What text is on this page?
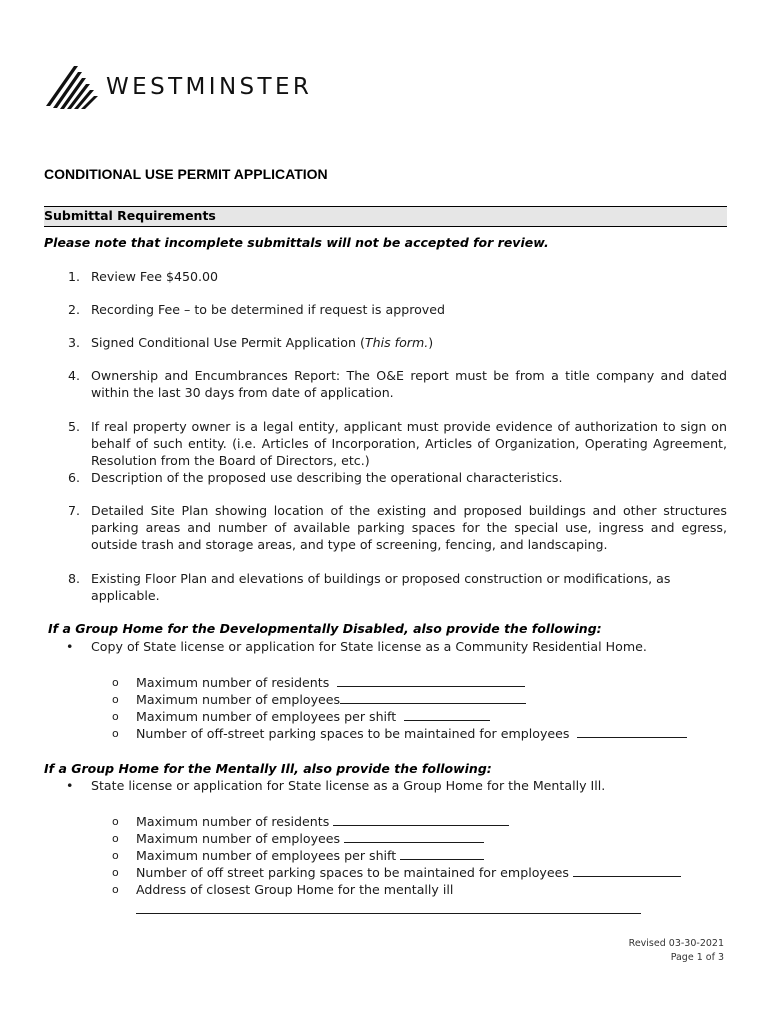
WESTMINSTER
CONDITIONAL USE PERMIT APPLICATION
Submittal Requirements
Please note that incomplete submittals will not be accepted for review.
1. Review Fee $450.00
2. Recording Fee – to be determined if request is approved
3. Signed Conditional Use Permit Application (This form.)
4. Ownership and Encumbrances Report: The O&E report must be from a title company and dated within the last 30 days from date of application.
5. If real property owner is a legal entity, applicant must provide evidence of authorization to sign on behalf of such entity. (i.e. Articles of Incorporation, Articles of Organization, Operating Agreement, Resolution from the Board of Directors, etc.)
6. Description of the proposed use describing the operational characteristics.
7. Detailed Site Plan showing location of the existing and proposed buildings and other structures parking areas and number of available parking spaces for the special use, ingress and egress, outside trash and storage areas, and type of screening, fencing, and landscaping.
8. Existing Floor Plan and elevations of buildings or proposed construction or modifications, as applicable.
If a Group Home for the Developmentally Disabled, also provide the following:
• Copy of State license or application for State license as a Community Residential Home.
o Maximum number of residents
o Maximum number of employees
o Maximum number of employees per shift
o Number of off-street parking spaces to be maintained for employees
If a Group Home for the Mentally Ill, also provide the following:
• State license or application for State license as a Group Home for the Mentally Ill.
o Maximum number of residents
o Maximum number of employees
o Maximum number of employees per shift
o Number of off street parking spaces to be maintained for employees
o Address of closest Group Home for the mentally ill
Revised 03-30-2021
Page 1 of 3
